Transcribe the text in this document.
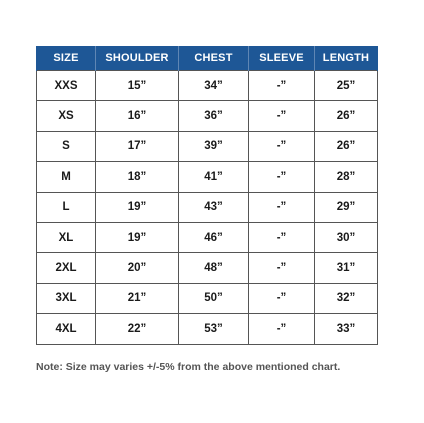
SIZE	SHOULDER	CHEST	SLEEVE	LENGTH
XXS	15”	34”	-”	25”
XS	16”	36”	-”	26”
S	17”	39”	-”	26”
M	18”	41”	-”	28”
L	19”	43”	-”	29”
XL	19”	46”	-”	30”
2XL	20”	48”	-”	31”
3XL	21”	50”	-”	32”
4XL	22”	53”	-”	33”
Note: Size may varies +/-5% from the above mentioned chart.
